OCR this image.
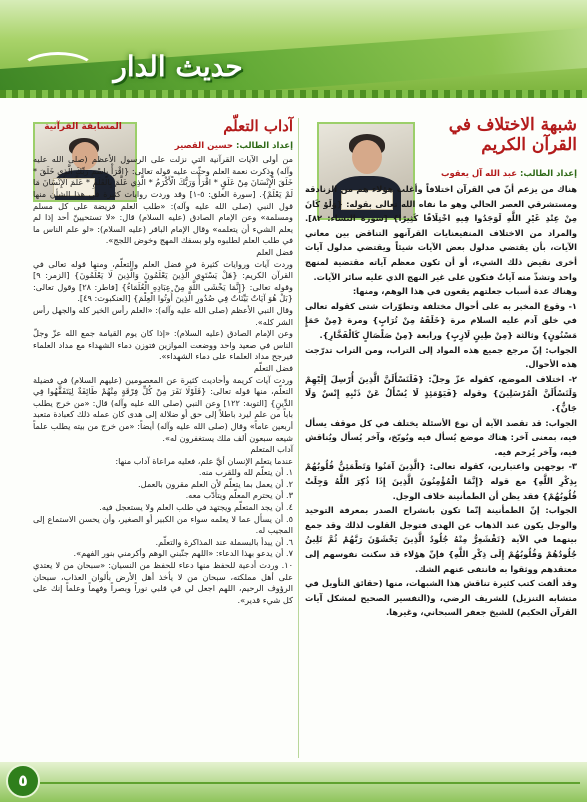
حديث الدار
شبهة الاختلاف في القرآن الكريم
إعداد الطالب: عبد الله آل يعقوب

هناك من يزعم أنّ في القرآن اختلافاً وأغلب هؤلاء هم من الزنادقة ومستشرقي العصر الحالي وهو ما نفاه الله تعالى بقوله: {وَلَوْ كَانَ مِنْ عِنْدِ غَيْرِ اللَّهِ لَوَجَدُوا فِيهِ اخْتِلَافًا كَثِيرًا} [سورة النساء: ٨٢]. والمراد من الاختلاف المنفيعنايات القرآنهو التناقض بين معاني الآيات، بأن يقتضي مدلول بعض الآيات شيئاً ويقتضي مدلول آيات أخرى نقيض ذلك الشيء، أو أن تكون معظم آياته مقتضية لمنهج واحد وتشذّ منه آياتٌ فتكون على غير النهج الذي عليه سائر الآيات.

وهناك عدة أسباب جعلتهم يقعون في هذا الوهم، ومنها:

١- وقوع المخبر به على أحوال مختلفة وتطوّرات شتى كقوله تعالى في خلق آدم عليه السلام مرة {خَلَقَهُ مِنْ تُرَابٍ} ومرة {مِنْ حَمَإٍ مَسْنُونٍ} وثالثة {مِنْ طِينٍ لَازِبٍ} ورابعة {مِنْ صَلْصَالٍ كَالْفَخَّارِ}.

الجواب: إنّ مرجع جميع هذه المواد إلى التراب، ومن التراب تدرّجت هذه الأحوال.

٢- اختلاف الموضع، كقوله عزّ وجلّ: {فَلَنَسْأَلَنَّ الَّذِينَ أُرْسِلَ إِلَيْهِمْ وَلَنَسْأَلَنَّ الْمُرْسَلِينَ} وقوله {فَيَوْمَئِذٍ لَا يُسْأَلُ عَنْ ذَنْبِهِ إِنْسٌ وَلَا جَانٌّ}.

الجواب: قد تقصد الآية أن نوع الأسئلة يختلف في كل موقف يسأل فيه، بمعنى آخر: هناك موضع يُسأل فيه ويُوبّخ، وآخر يُسأل ويُناقش فيه، وآخر يُرحم فيه.

٣- بوجهين واعتبارين، كقوله تعالى: {الَّذِينَ آمَنُوا وَتَطْمَئِنُّ قُلُوبُهُمْ بِذِكْرِ اللَّهِ} مع قوله {إِنَّمَا الْمُؤْمِنُونَ الَّذِينَ إِذَا ذُكِرَ اللَّهُ وَجِلَتْ قُلُوبُهُمْ} فقد يظن أن الطمأنينة خلاف الوجل.

الجواب: إنّ الطمأنينة إنّما تكون بانشراح الصدر بمعرفة التوحيد والوجل يكون عند الذهاب عن الهدى فتوجل القلوب لذلك وقد جمع بينهما في الآية {تَقْشَعِرُّ مِنْهُ جُلُودُ الَّذِينَ يَخْشَوْنَ رَبَّهُمْ ثُمَّ تَلِينُ جُلُودُهُمْ وَقُلُوبُهُمْ إِلَى ذِكْرِ اللَّهِ} فإنّ هؤلاء قد سكنت نفوسهم إلى معتقدهم ووثقوا به فانتفى عنهم الشك.

وقد ألفت كتب كثيرة تناقش هذا الشبهات، منها (حقائق التأويل في متشابه التنزيل) للشريف الرضي، و(التفسير الصحيح لمشكل آيات القرآن الحكيم) للشيخ جعفر السبحاني، وغيرها.

المسابقة القرآنية	آداب التعلّم
إعداد الطالب: حسين القصير

من أولى الآيات القرآنية التي نزلت على الرسول الأعظم (صلى الله عليه وآله) وذكرت نعمة العلم وحثّت عليه قوله تعالى: {اقْرَأْ بِاسْمِ رَبِّكَ الَّذِي خَلَقَ * خَلَقَ الْإِنْسَانَ مِنْ عَلَقٍ * اقْرَأْ وَرَبُّكَ الْأَكْرَمُ * الَّذِي عَلَّمَ بِالْقَلَمِ * عَلَّمَ الْإِنْسَانَ مَا لَمْ يَعْلَمْ}. [سورة العلق: ٥-١] وقد وردت روايات كثيرة في هذا الشأن منها قول النبي (صلى الله عليه وآله): «طلب العلم فريضة على كل مسلم ومسلمة» وعن الإمام الصادق (عليه السلام) قال: «لا تستحيينّ أحد إذا لم يعلم الشيء أن يتعلمه» وقال الإمام الباقر (عليه السلام): «لو علم الناس ما في طلب العلم لطلبوه ولو بسفك المهج وخوض اللجج».

فضل العلم

وردت آيات وروايات كثيرة في فضل العلم والتعلّم، ومنها قوله تعالى في القرآن الكريم: {هَلْ يَسْتَوِي الَّذِينَ يَعْلَمُونَ وَالَّذِينَ لَا يَعْلَمُونَ} [الزمر: ٩] وقوله تعالى: {إِنَّمَا يَخْشَى اللَّهَ مِنْ عِبَادِهِ الْعُلَمَاءُ} [فاطر: ٢٨] وقول تعالى: {بَلْ هُوَ آيَاتٌ بَيِّنَاتٌ فِي صُدُورِ الَّذِينَ أُوتُوا الْعِلْمَ} [العنكبوت: ٤٩].

وقال النبي الأعظم (صلى الله عليه وآله): «العلم رأس الخير كله والجهل رأس الشر كله».

وعن الإمام الصادق (عليه السلام): «إذا كان يوم القيامة جمع الله عزّ وجلّ الناس في صعيد واحد ووضعت الموازين فتوزن دماء الشهداء مع مداد العلماء فيرجح مداد العلماء على دماء الشهداء».

فضل التعلّم

وردت آيات كريمة وأحاديث كثيرة عن المعصومين (عليهم السلام) في فضيلة التعلّم، منها قوله تعالى: {فَلَوْلَا نَفَرَ مِنْ كُلِّ فِرْقَةٍ مِنْهُمْ طَائِفَةٌ لِيَتَفَقَّهُوا فِي الدِّينِ} [التوبة: ١٢٢] وعن النبي (صلى الله عليه وآله) قال: «من خرج يطلب باباً من علم ليرد باطلاً إلى حق أو ضلالة إلى هدى كان عمله ذلك كعبادة متعبد أربعين عاماً» وقال (صلى الله عليه وآله) أيضاً: «من خرج من بيته يطلب علماً شيعه سبعون ألف ملك يستغفرون له».

آداب المتعلم

عندما يتعلم الإنسان أيَّ علم، فعليه مراعاة آداب منها:

١. أن يتعلّم لله وللقرب منه.

٢. أن يعمل بما يتعلّم لأن العلم مقرون بالعمل.

٣. أن يحترم المعلّم ويتأدّب معه.

٤. أن يجد المتعلّم ويجتهد في طلب العلم ولا يستعجل فيه.

٥. أن يسأل عما لا يعلمه سواء من الكبير أو الصغير، وأن يحسن الاستماع إلى المجيب له.

٦. أن يبدأ بالبسملة عند المذاكرة والتعلّم.

٧. أن يدعو بهذا الدعاء: «اللهم جنّبني الوهم وأكرمني بنور الفهم».

١٠. وردت أدعية للحفظ منها دعاء للحفظ من النسيان: «سبحان من لا يعتدي على أهل مملكته، سبحان من لا يأخذ أهل الأرض بألوان العذاب، سبحان الرؤوف الرحيم، اللهم اجعل لي في قلبي نوراً وبصراً وفهماً وعلماً إنك على كل شيء قدير».

٥
